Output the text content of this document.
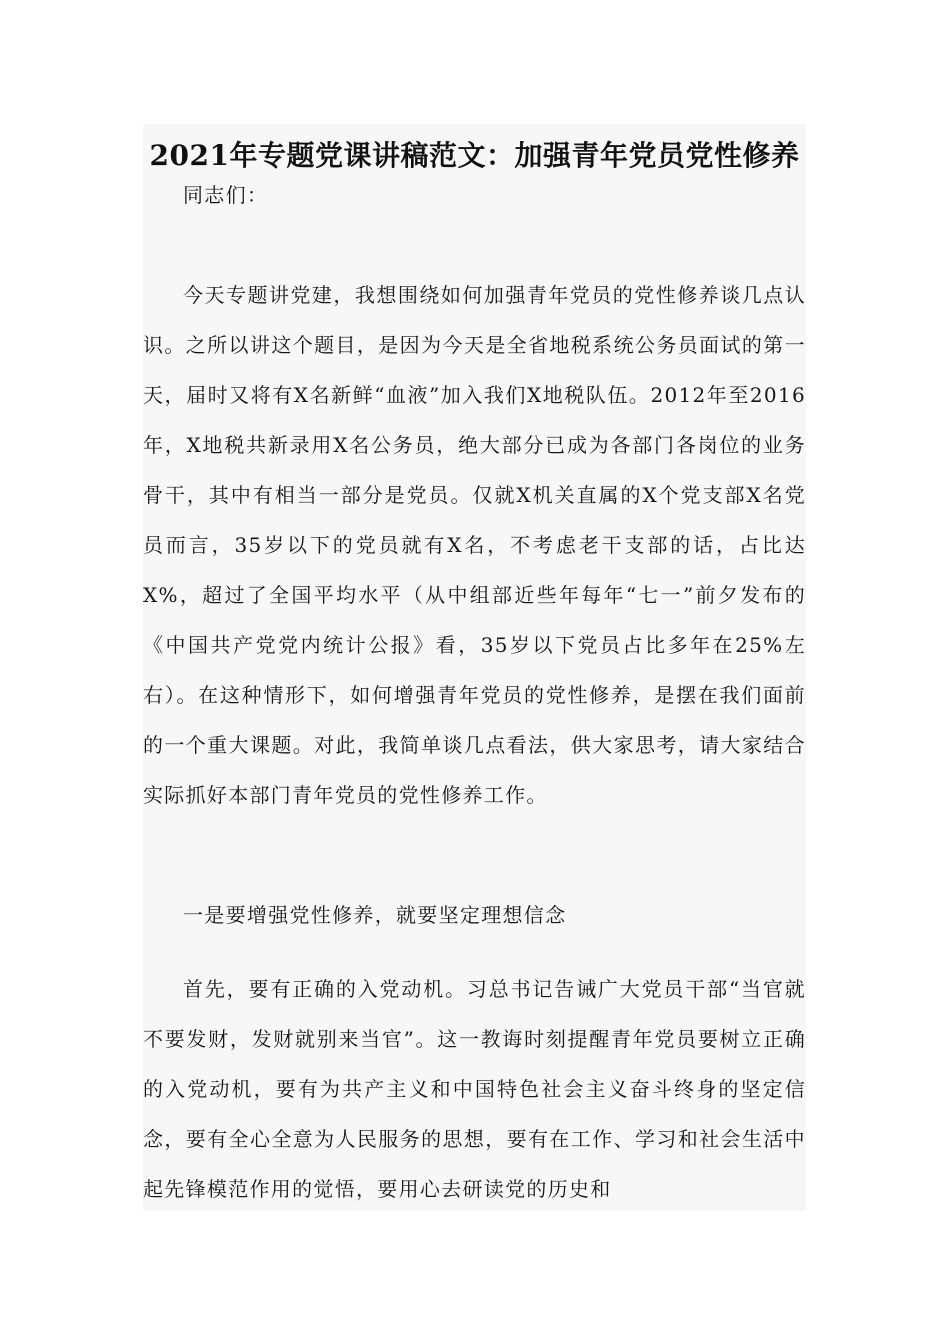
2021年专题党课讲稿范文：加强青年党员党性修养

同志们：

今天专题讲党建，我想围绕如何加强青年党员的党性修养谈几点认识。之所以讲这个题目，是因为今天是全省地税系统公务员面试的第一天，届时又将有X名新鲜“血液”加入我们X地税队伍。2012年至2016年，X地税共新录用X名公务员，绝大部分已成为各部门各岗位的业务骨干，其中有相当一部分是党员。仅就X机关直属的X个党支部X名党员而言，35岁以下的党员就有X名，不考虑老干支部的话，占比达X%，超过了全国平均水平（从中组部近些年每年“七一”前夕发布的《中国共产党党内统计公报》看，35岁以下党员占比多年在25%左右）。在这种情形下，如何增强青年党员的党性修养，是摆在我们面前的一个重大课题。对此，我简单谈几点看法，供大家思考，请大家结合实际抓好本部门青年党员的党性修养工作。

一是要增强党性修养，就要坚定理想信念

首先，要有正确的入党动机。习总书记告诫广大党员干部“当官就不要发财，发财就别来当官”。这一教诲时刻提醒青年党员要树立正确的入党动机，要有为共产主义和中国特色社会主义奋斗终身的坚定信念，要有全心全意为人民服务的思想，要有在工作、学习和社会生活中起先锋模范作用的觉悟，要用心去研读党的历史和
